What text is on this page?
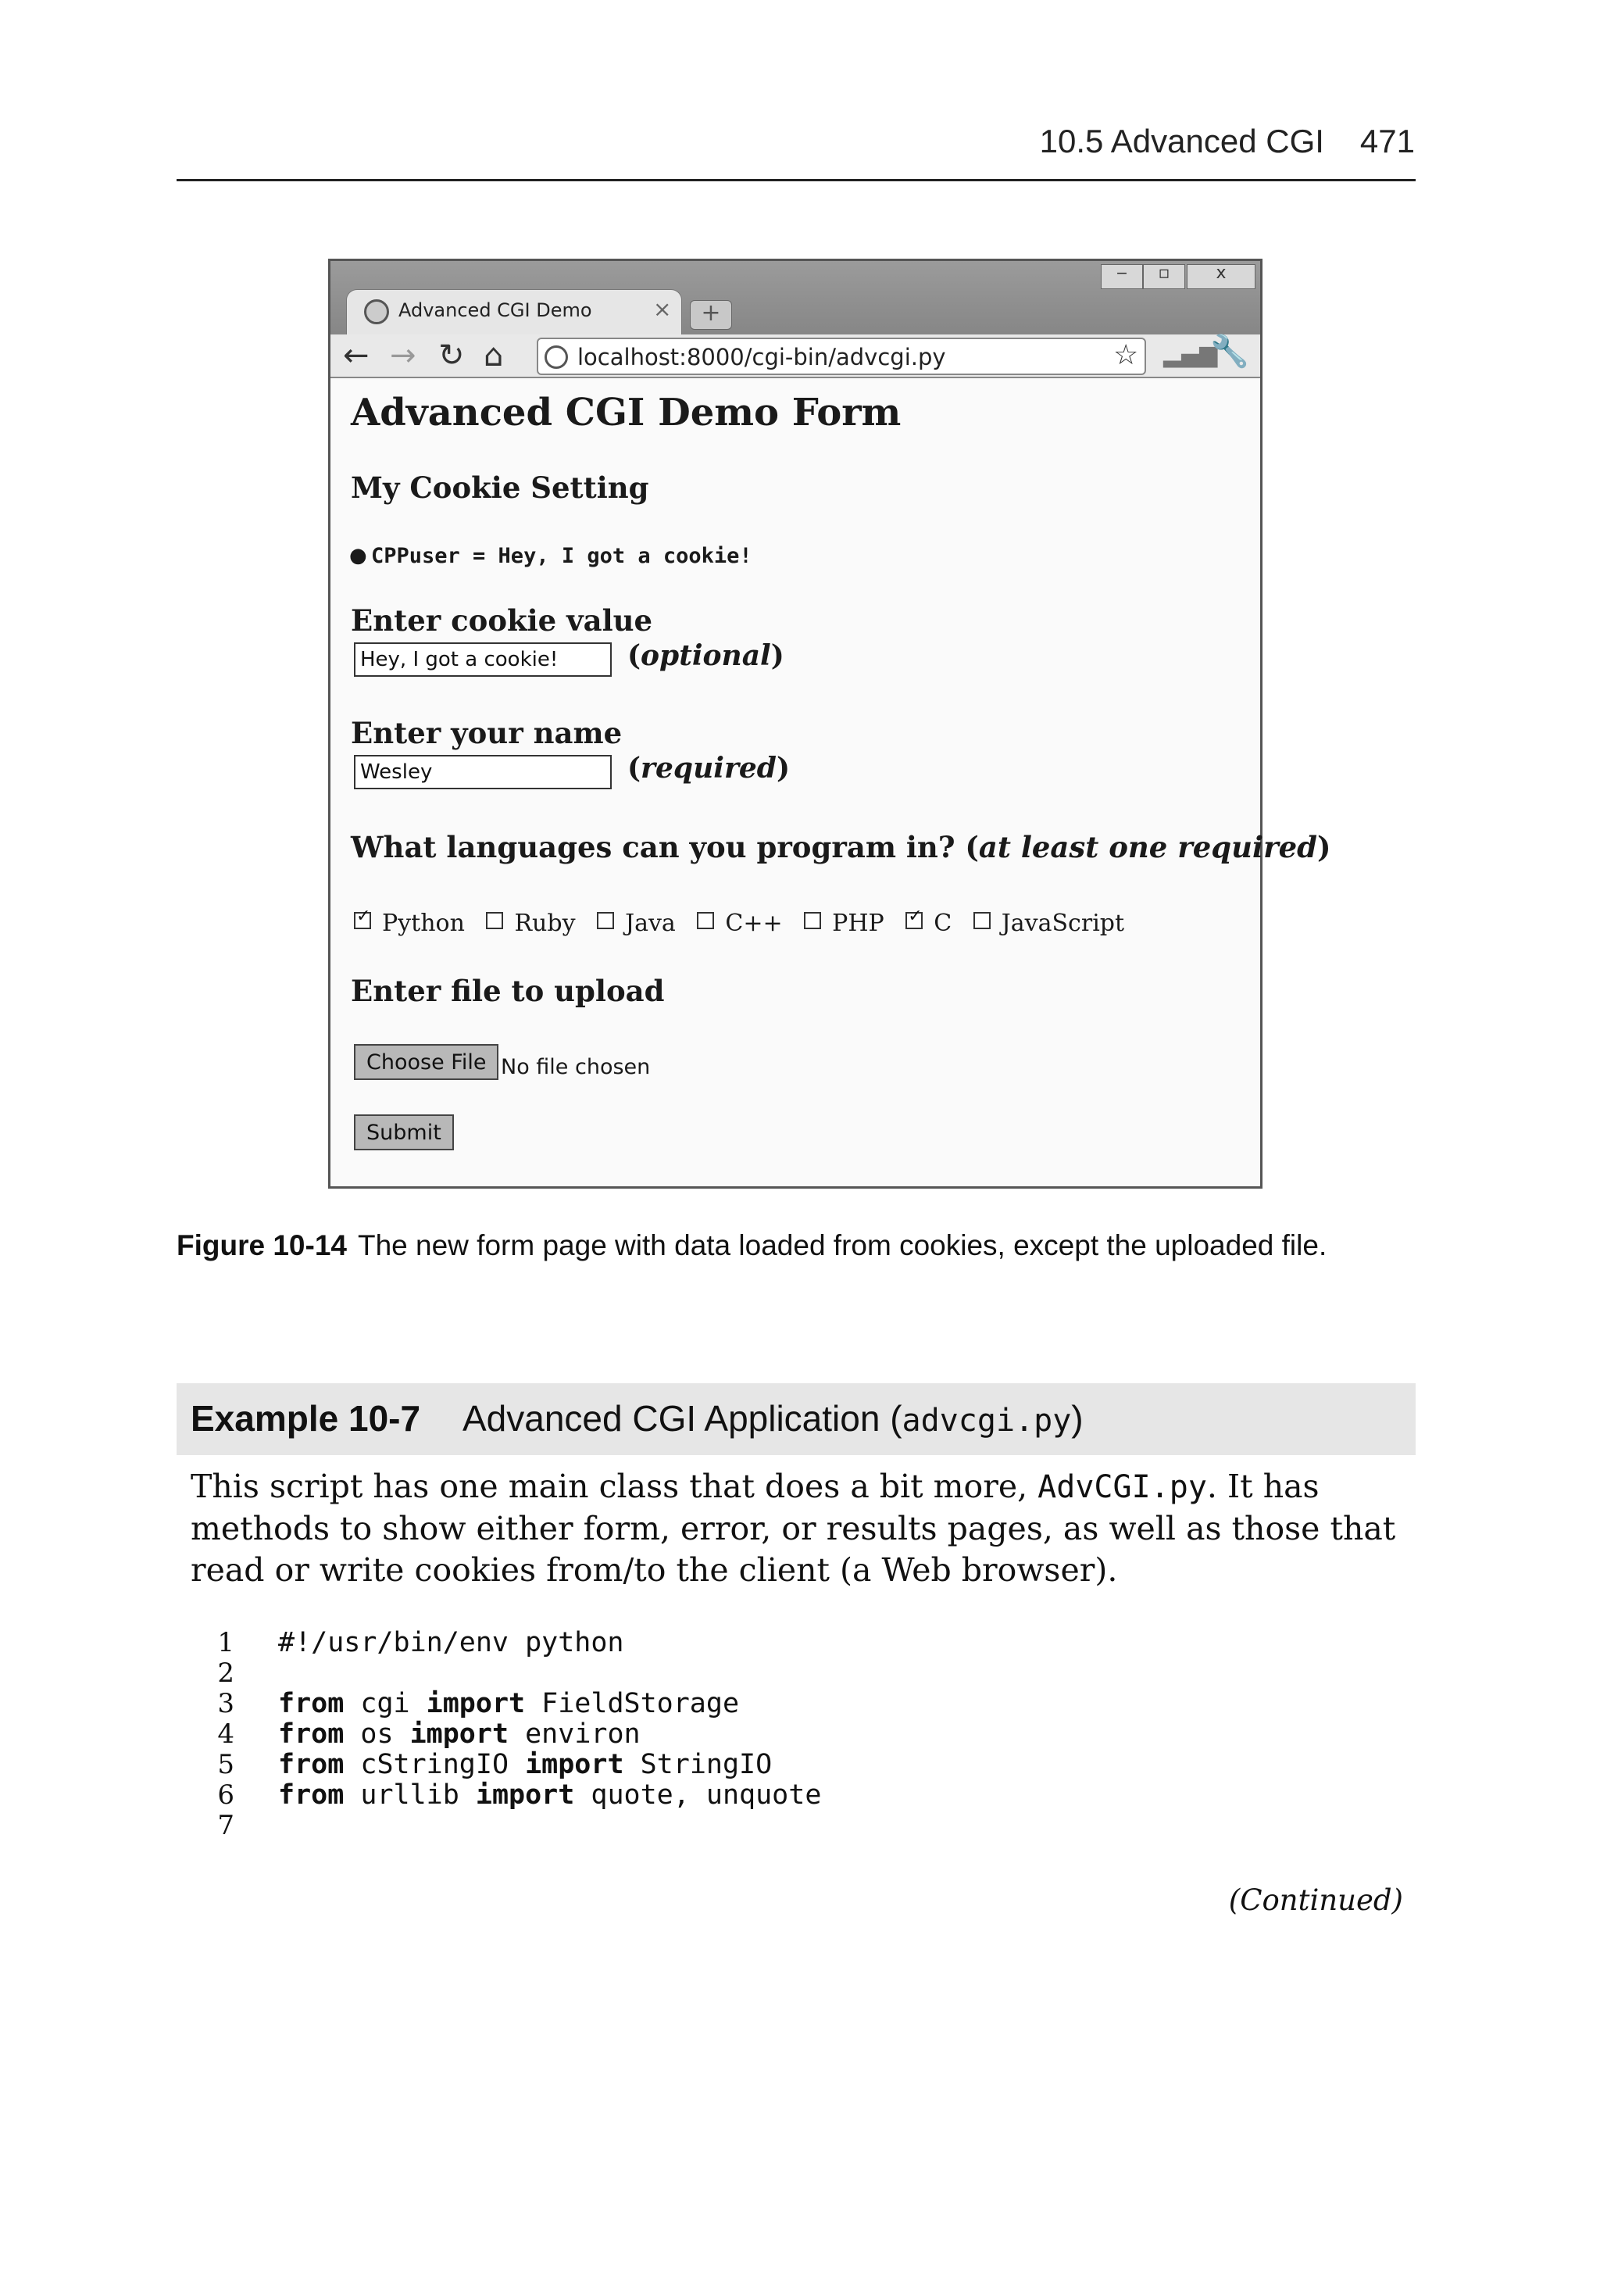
10.5 Advanced CGI 471
‒	▫	x
Advanced CGI Demo	×	+
← → ↻ ⌂	localhost:8000/cgi-bin/advcgi.py	☆ ▂▄▆
🔧
Advanced CGI Demo Form
My Cookie Setting
● CPPuser = Hey, I got a cookie!
Enter cookie value
Hey, I got a cookie!
(optional)
Enter your name
Wesley
(required)
What languages can you program in? (at least one required)
✓Python Ruby Java C++ PHP ✓ C JavaScript
Enter file to upload
Choose File No file chosen
Submit
Figure 10-14 The new form page with data loaded from cookies, except the uploaded file.
Example 10-7 Advanced CGI Application (advcgi.py)
This script has one main class that does a bit more, AdvCGI.py. It has methods to show either form, error, or results pages, as well as those that read or write cookies from/to the client (a Web browser).
1 #!/usr/bin/env python
2
3 from cgi import FieldStorage
4 from os import environ
5 from cStringIO import StringIO
6 from urllib import quote, unquote
7
(Continued)
